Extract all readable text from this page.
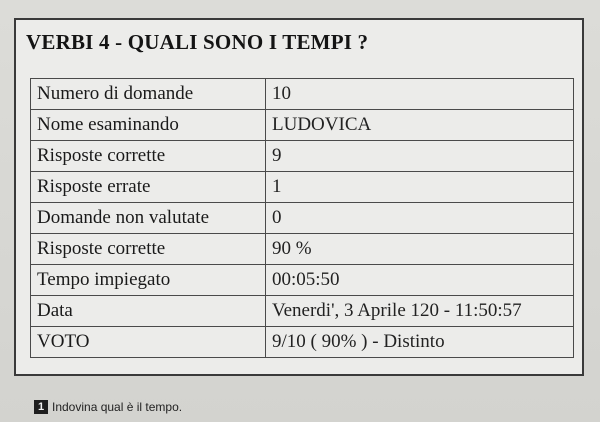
VERBI 4 - QUALI SONO I TEMPI ?
Numero di domande	10
Nome esaminando	LUDOVICA
Risposte corrette	9
Risposte errate	1
Domande non valutate	0
Risposte corrette	90 %
Tempo impiegato	00:05:50
Data	Venerdi', 3 Aprile 120 - 11:50:57
VOTO	9/10 ( 90% ) - Distinto
1 Indovina qual è il tempo.
